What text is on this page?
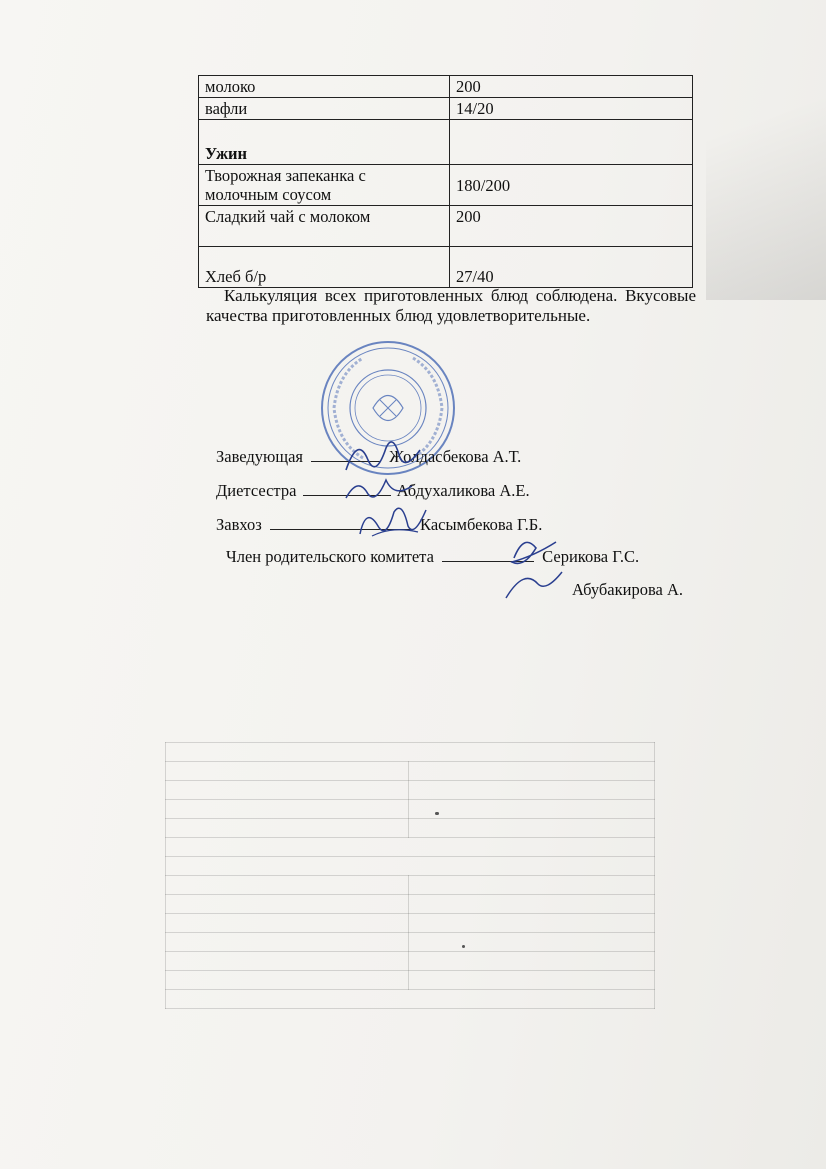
молоко	200
вафли	14/20
Ужин	
Творожная запеканка с молочным соусом	180/200
Сладкий чай с молоком	200
Хлеб б/р	27/40

Калькуляция всех приготовленных блюд соблюдена. Вкусовые качества приготовленных блюд удовлетворительные.

Заведующая	Жолдасбекова А.Т.
Диетсестра	Абдухаликова А.Е.
Завхоз	Касымбекова Г.Б.
Член родительского комитета	Серикова Г.С.
Абубакирова А.
